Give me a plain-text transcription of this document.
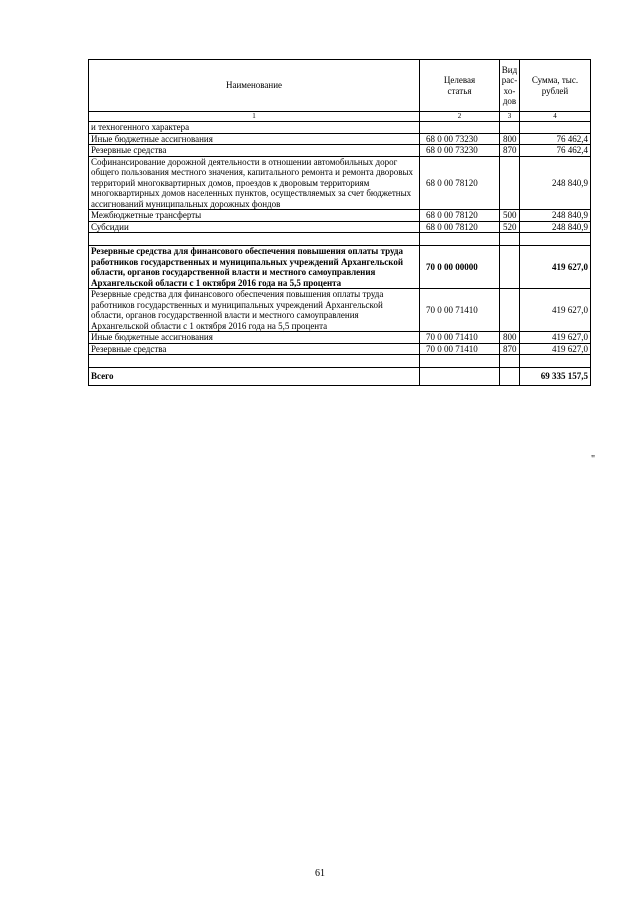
Наименование	Целевая статья	Вид рас-хо-дов	Сумма, тыс. рублей
1	2	3	4
и техногенного характера			
Иные бюджетные ассигнования	68 0 00 73230	800	76 462,4
Резервные средства	68 0 00 73230	870	76 462,4
Софинансирование дорожной деятельности в отношении автомобильных дорог общего пользования местного значения, капитального ремонта и ремонта дворовых территорий многоквартирных домов, проездов к дворовым территориям многоквартирных домов населенных пунктов, осуществляемых за счет бюджетных ассигнований муниципальных дорожных фондов	68 0 00 78120		248 840,9
Межбюджетные трансферты	68 0 00 78120	500	248 840,9
Субсидии	68 0 00 78120	520	248 840,9

Резервные средства для финансового обеспечения повышения оплаты труда работников государственных и муниципальных учреждений Архангельской области, органов государственной власти и местного самоуправления Архангельской области с 1 октября 2016 года на 5,5 процента	70 0 00 00000		419 627,0
Резервные средства для финансового обеспечения повышения оплаты труда работников государственных и муниципальных учреждений Архангельской области, органов государственной власти и местного самоуправления Архангельской области с 1 октября 2016 года на 5,5 процента	70 0 00 71410		419 627,0
Иные бюджетные ассигнования	70 0 00 71410	800	419 627,0
Резервные средства	70 0 00 71410	870	419 627,0

Всего			69 335 157,5
"
61
